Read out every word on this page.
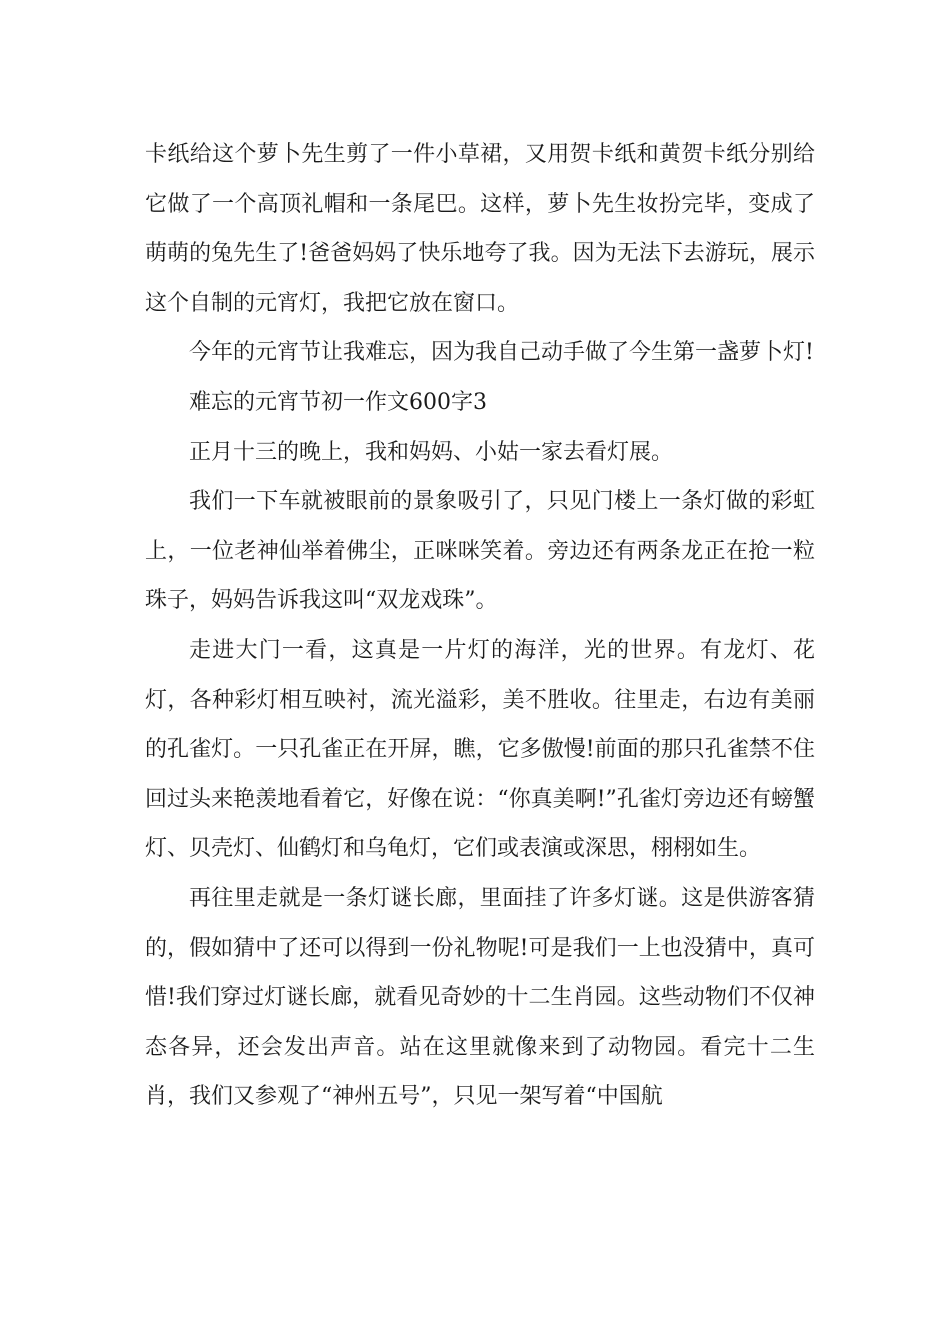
卡纸给这个萝卜先生剪了一件小草裙，又用贺卡纸和黄贺卡纸分别给它做了一个高顶礼帽和一条尾巴。这样，萝卜先生妆扮完毕，变成了萌萌的兔先生了!爸爸妈妈了快乐地夸了我。因为无法下去游玩，展示这个自制的元宵灯，我把它放在窗口。

今年的元宵节让我难忘，因为我自己动手做了今生第一盏萝卜灯!

难忘的元宵节初一作文600字3

正月十三的晚上，我和妈妈、小姑一家去看灯展。

我们一下车就被眼前的景象吸引了，只见门楼上一条灯做的彩虹上，一位老神仙举着佛尘，正咪咪笑着。旁边还有两条龙正在抢一粒珠子，妈妈告诉我这叫“双龙戏珠”。

走进大门一看，这真是一片灯的海洋，光的世界。有龙灯、花灯，各种彩灯相互映衬，流光溢彩，美不胜收。往里走，右边有美丽的孔雀灯。一只孔雀正在开屏，瞧，它多傲慢!前面的那只孔雀禁不住回过头来艳羡地看着它，好像在说：“你真美啊!”孔雀灯旁边还有螃蟹灯、贝壳灯、仙鹤灯和乌龟灯，它们或表演或深思，栩栩如生。

再往里走就是一条灯谜长廊，里面挂了许多灯谜。这是供游客猜的，假如猜中了还可以得到一份礼物呢!可是我们一上也没猜中，真可惜!我们穿过灯谜长廊，就看见奇妙的十二生肖园。这些动物们不仅神态各异，还会发出声音。站在这里就像来到了动物园。看完十二生肖，我们又参观了“神州五号”，只见一架写着“中国航
